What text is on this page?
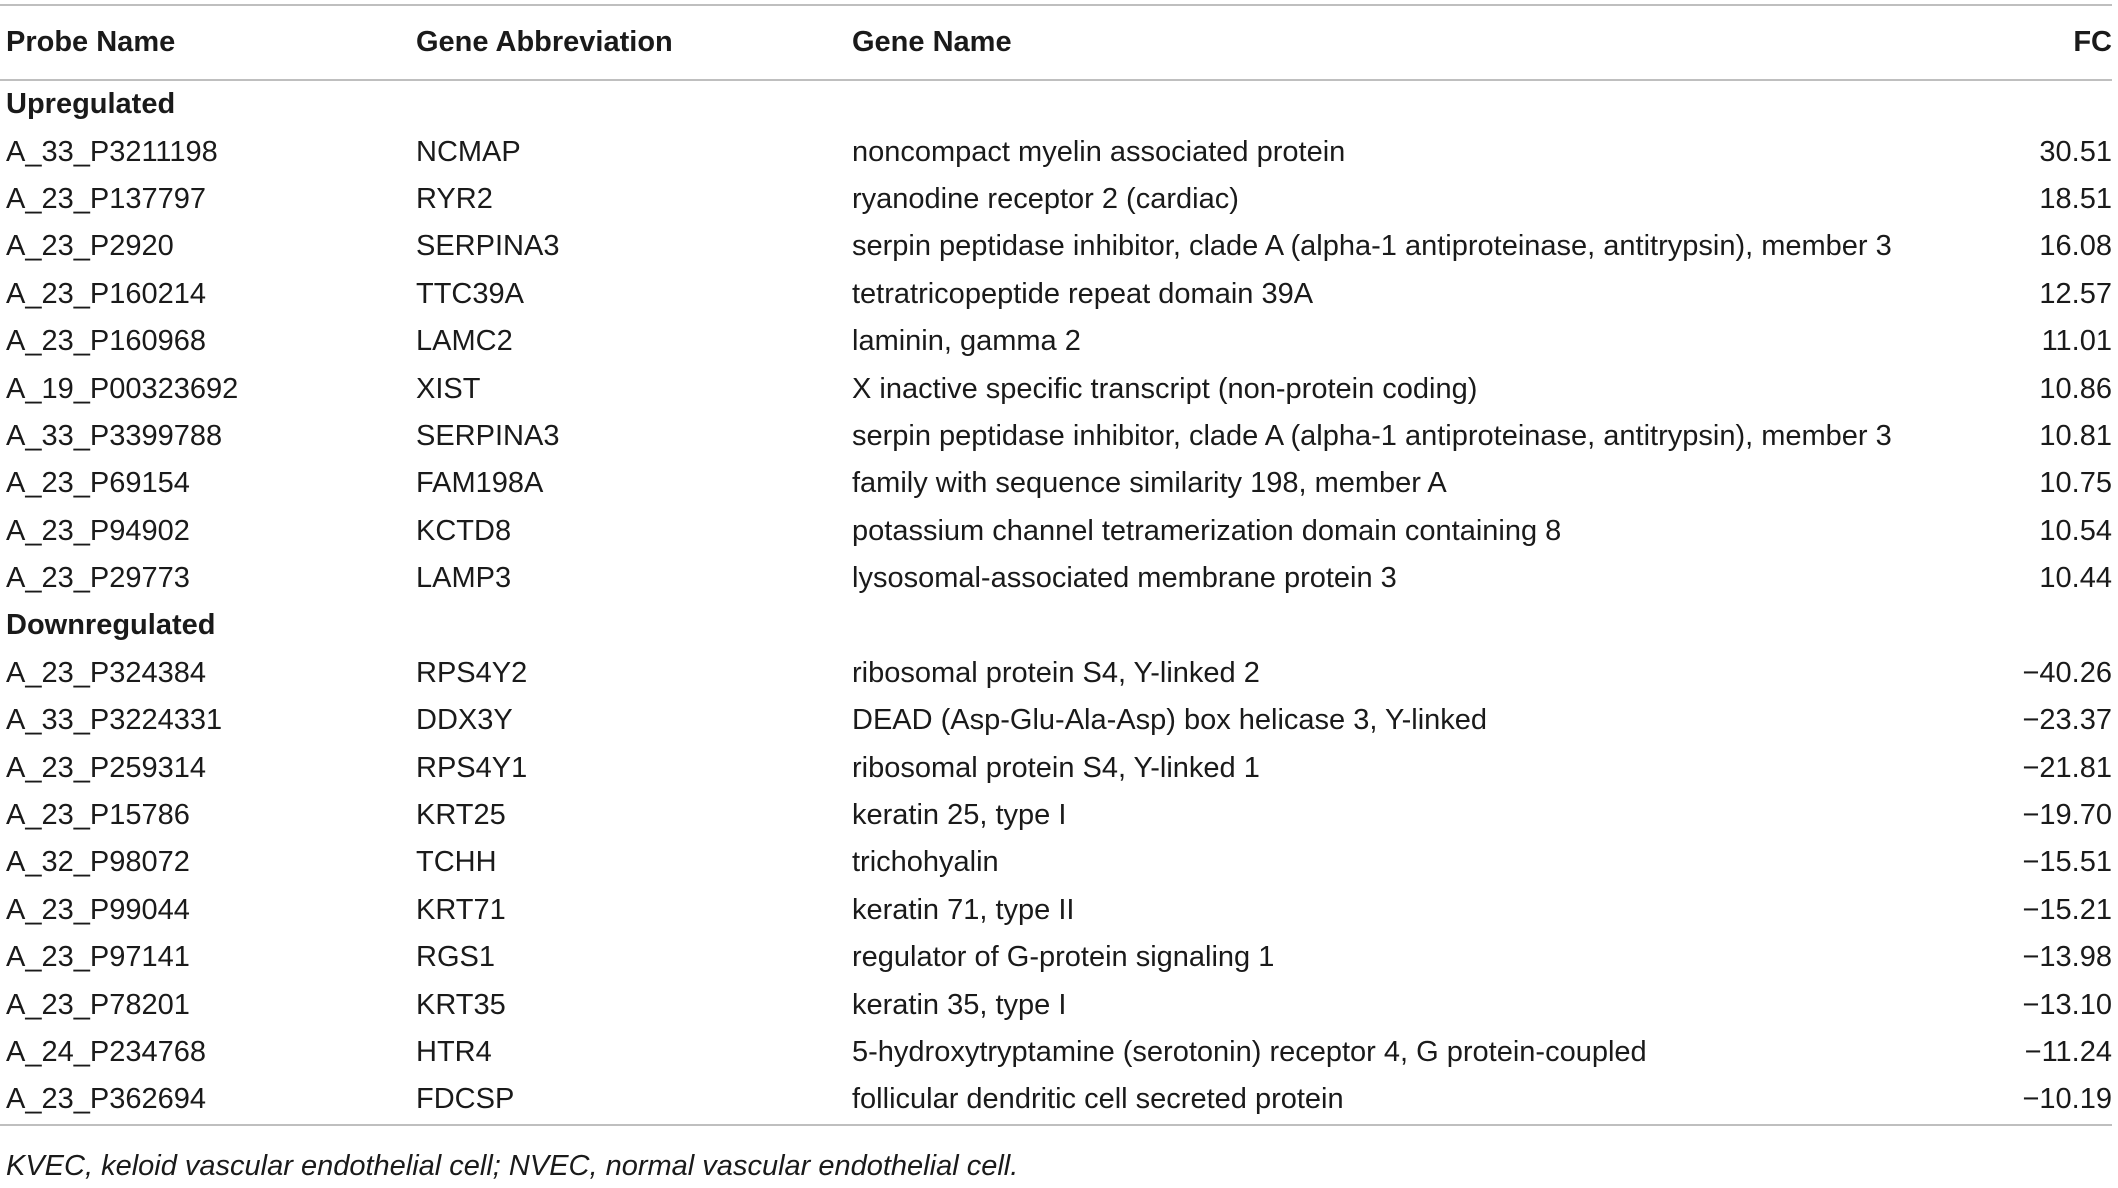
Probe Name	Gene Abbreviation	Gene Name	FC
Upregulated			
A_33_P3211198	NCMAP	noncompact myelin associated protein	30.51
A_23_P137797	RYR2	ryanodine receptor 2 (cardiac)	18.51
A_23_P2920	SERPINA3	serpin peptidase inhibitor, clade A (alpha-1 antiproteinase, antitrypsin), member 3	16.08
A_23_P160214	TTC39A	tetratricopeptide repeat domain 39A	12.57
A_23_P160968	LAMC2	laminin, gamma 2	11.01
A_19_P00323692	XIST	X inactive specific transcript (non-protein coding)	10.86
A_33_P3399788	SERPINA3	serpin peptidase inhibitor, clade A (alpha-1 antiproteinase, antitrypsin), member 3	10.81
A_23_P69154	FAM198A	family with sequence similarity 198, member A	10.75
A_23_P94902	KCTD8	potassium channel tetramerization domain containing 8	10.54
A_23_P29773	LAMP3	lysosomal-associated membrane protein 3	10.44
Downregulated			
A_23_P324384	RPS4Y2	ribosomal protein S4, Y-linked 2	−40.26
A_33_P3224331	DDX3Y	DEAD (Asp-Glu-Ala-Asp) box helicase 3, Y-linked	−23.37
A_23_P259314	RPS4Y1	ribosomal protein S4, Y-linked 1	−21.81
A_23_P15786	KRT25	keratin 25, type I	−19.70
A_32_P98072	TCHH	trichohyalin	−15.51
A_23_P99044	KRT71	keratin 71, type II	−15.21
A_23_P97141	RGS1	regulator of G-protein signaling 1	−13.98
A_23_P78201	KRT35	keratin 35, type I	−13.10
A_24_P234768	HTR4	5-hydroxytryptamine (serotonin) receptor 4, G protein-coupled	−11.24
A_23_P362694	FDCSP	follicular dendritic cell secreted protein	−10.19
KVEC, keloid vascular endothelial cell; NVEC, normal vascular endothelial cell.
